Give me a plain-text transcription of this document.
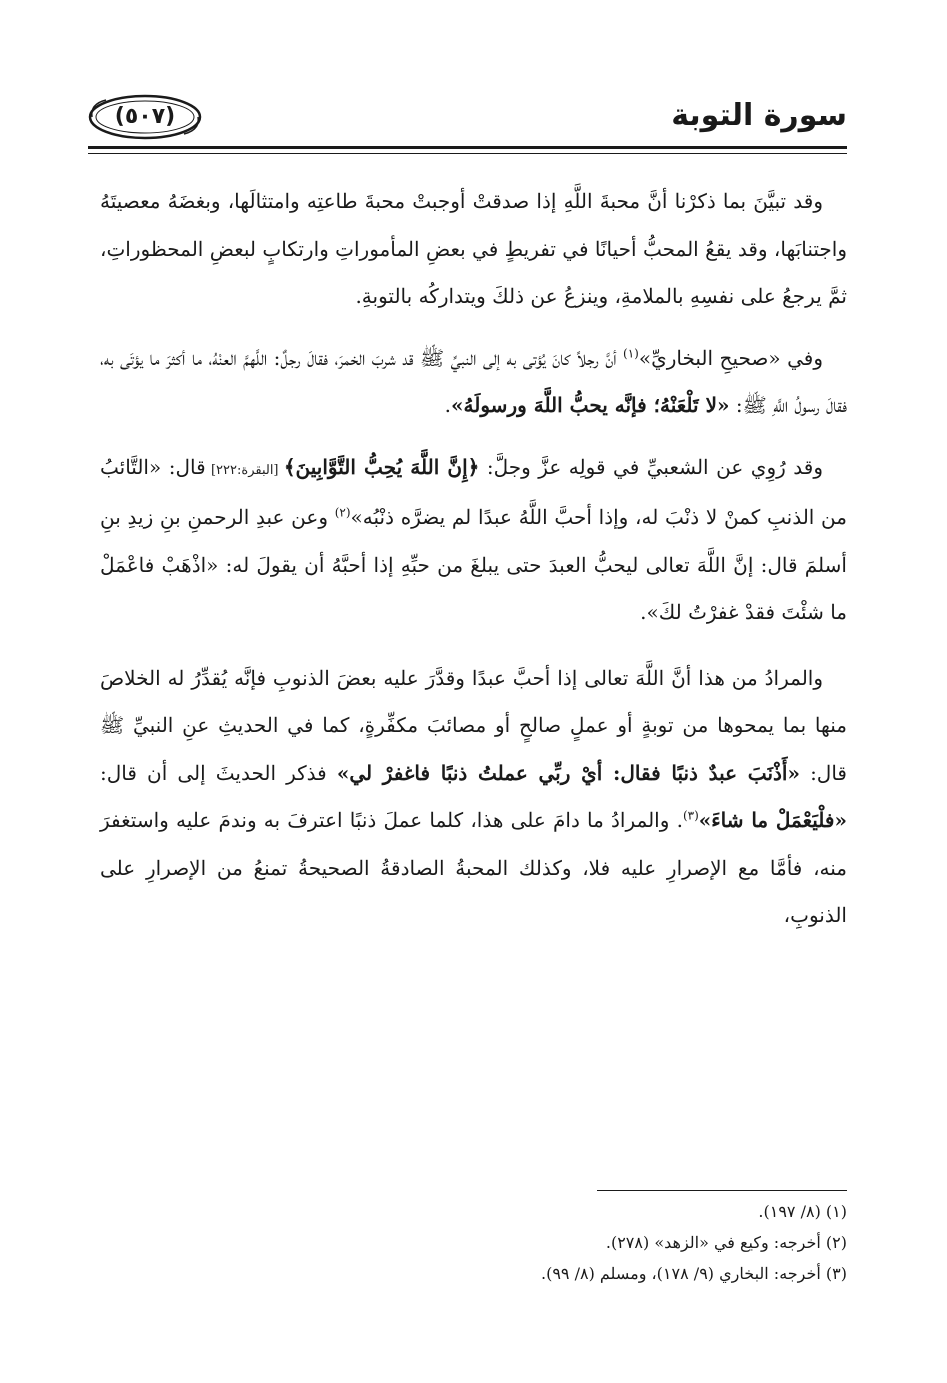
سورة التوبة
(٥٠٧)

وقد تبيَّنَ بما ذكرْنا أنَّ محبةَ اللَّهِ إذا صدقتْ أوجبتْ محبةَ طاعتِه وامتثالَها، وبغضَهُ معصيتَهُ واجتنابَها، وقد يقعُ المحبُّ أحيانًا في تفريطٍ في بعضِ المأموراتِ وارتكابٍ لبعضِ المحظوراتِ، ثمَّ يرجعُ على نفسِهِ بالملامةِ، وينزعُ عن ذلكَ ويتداركُه بالتوبةِ.

وفي «صحيحِ البخاريِّ»$^{(١)}$ أنَّ رجلاً كانَ يُؤتى به إلى النبيِّ ﷺ قد شربَ الخمرَ، فقالَ رجلٌ: اللَّهمَّ العنْهُ، ما أكثرَ ما يؤتَى به، فقالَ رسولُ اللَّهِ ﷺ: «لا تَلْعَنْهُ؛ فإنَّه يحبُّ اللَّهَ ورسولَهُ».

وقد رُوِي عن الشعبيِّ في قولِه عزَّ وجلَّ: ﴿إِنَّ اللَّهَ يُحِبُّ التَّوَّابِينَ﴾ [البقرة:٢٢٢] قال: «التَّائبُ من الذنبِ كمنْ لا ذنْبَ له، وإذا أحبَّ اللَّهُ عبدًا لم يضرَّه ذنْبُه»$^{(٢)}$ وعن عبدِ الرحمنِ بنِ زيدِ بنِ أسلمَ قال: إنَّ اللَّهَ تعالى ليحبُّ العبدَ حتى يبلغَ من حبِّهِ إذا أحبَّهُ أن يقولَ له: «اذْهَبْ فاعْمَلْ ما شئْتَ فقدْ غفرْتُ لكَ».

والمرادُ من هذا أنَّ اللَّهَ تعالى إذا أحبَّ عبدًا وقدَّرَ عليه بعضَ الذنوبِ فإنَّه يُقدِّرُ له الخلاصَ منها بما يمحوها من توبةٍ أو عملٍ صالحٍ أو مصائبَ مكفِّرةٍ، كما في الحديثِ عنِ النبيِّ ﷺ قال: «أَذْنَبَ عبدٌ ذنبًا فقال: أيْ ربِّي عملتُ ذنبًا فاغفرْ لي» فذكر الحديثَ إلى أن قال: «فلْيَعْمَلْ ما شاءَ»$^{(٣)}$. والمرادُ ما دامَ على هذا، كلما عملَ ذنبًا اعترفَ به وندمَ عليه واستغفرَ منه، فأمَّا مع الإصرارِ عليه فلا، وكذلك المحبةُ الصادقةُ الصحيحةُ تمنعُ من الإصرارِ على الذنوبِ،

(١) (٨/ ١٩٧).

(٢) أخرجه: وكيع في «الزهد» (٢٧٨).

(٣) أخرجه: البخاري (٩/ ١٧٨)، ومسلم (٨/ ٩٩).
